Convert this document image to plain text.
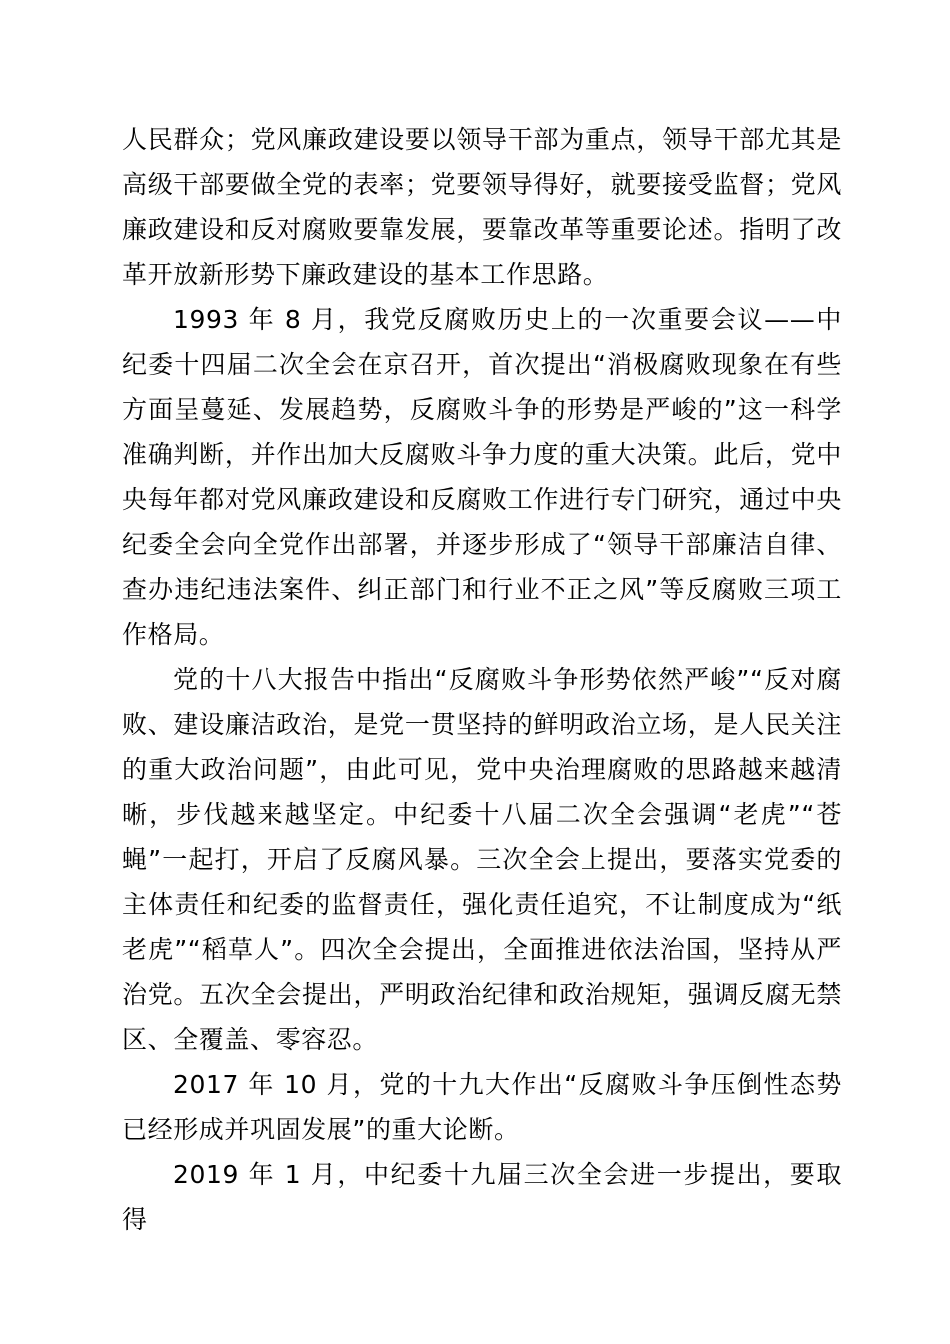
人民群众；党风廉政建设要以领导干部为重点，领导干部尤其是高级干部要做全党的表率；党要领导得好，就要接受监督；党风廉政建设和反对腐败要靠发展，要靠改革等重要论述。指明了改革开放新形势下廉政建设的基本工作思路。

1993 年 8 月，我党反腐败历史上的一次重要会议——中纪委十四届二次全会在京召开，首次提出“消极腐败现象在有些方面呈蔓延、发展趋势，反腐败斗争的形势是严峻的”这一科学准确判断，并作出加大反腐败斗争力度的重大决策。此后，党中央每年都对党风廉政建设和反腐败工作进行专门研究，通过中央纪委全会向全党作出部署，并逐步形成了“领导干部廉洁自律、查办违纪违法案件、纠正部门和行业不正之风”等反腐败三项工作格局。

党的十八大报告中指出“反腐败斗争形势依然严峻”“反对腐败、建设廉洁政治，是党一贯坚持的鲜明政治立场，是人民关注的重大政治问题”，由此可见，党中央治理腐败的思路越来越清晰，步伐越来越坚定。中纪委十八届二次全会强调“老虎”“苍蝇”一起打，开启了反腐风暴。三次全会上提出，要落实党委的主体责任和纪委的监督责任，强化责任追究，不让制度成为“纸老虎”“稻草人”。四次全会提出，全面推进依法治国，坚持从严治党。五次全会提出，严明政治纪律和政治规矩，强调反腐无禁区、全覆盖、零容忍。

2017 年 10 月，党的十九大作出“反腐败斗争压倒性态势已经形成并巩固发展”的重大论断。

2019 年 1 月，中纪委十九届三次全会进一步提出，要取得
